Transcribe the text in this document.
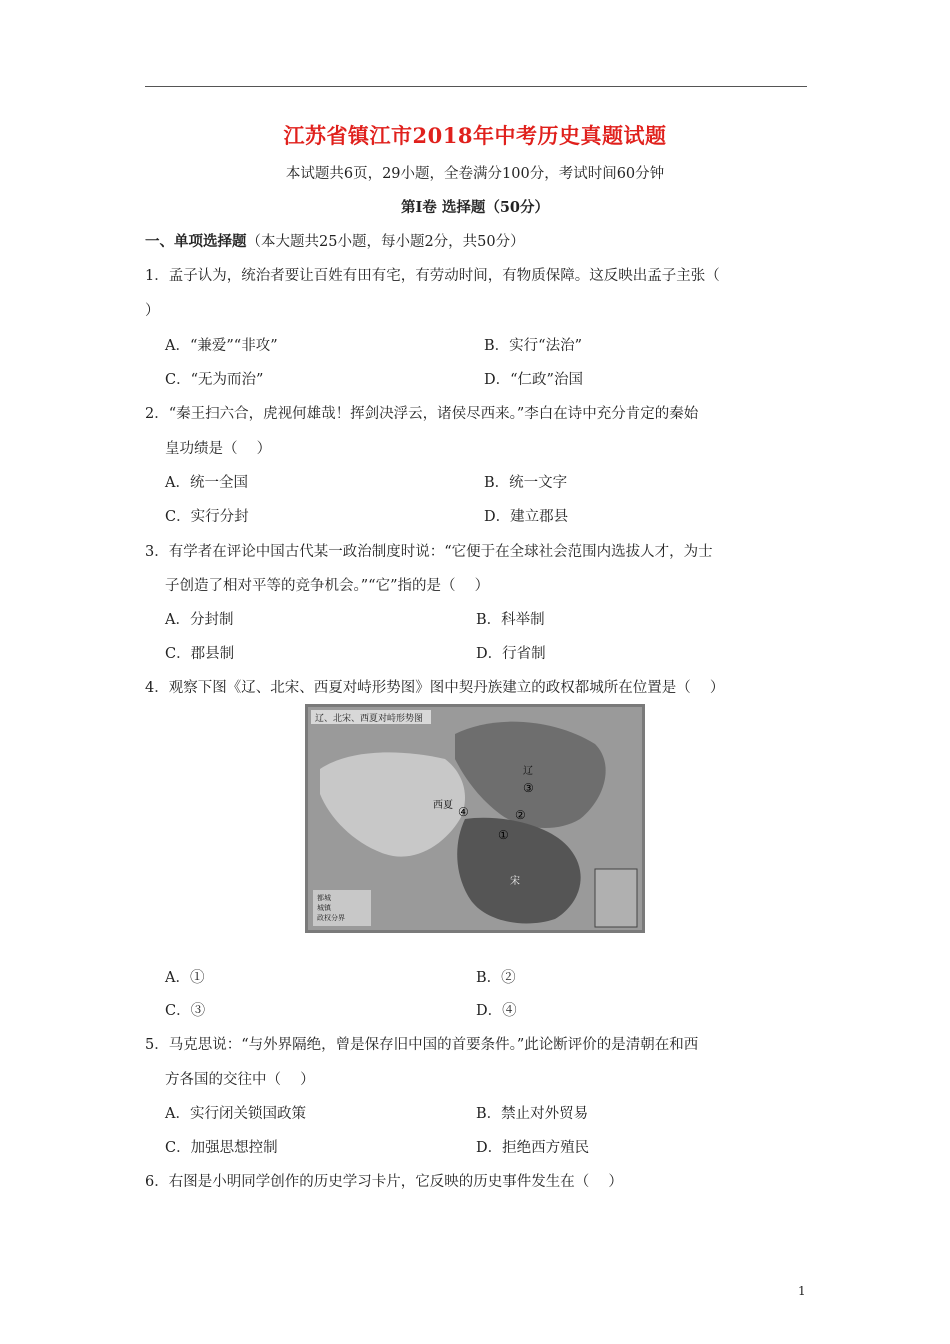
江苏省镇江市2018年中考历史真题试题
本试题共6页，29小题，全卷满分100分，考试时间60分钟
第Ⅰ卷 选择题（50分）
一、单项选择题（本大题共25小题，每小题2分，共50分）
1．孟子认为，统治者要让百姓有田有宅，有劳动时间，有物质保障。这反映出孟子主张（
）
A．“兼爱”“非攻”	B．实行“法治”
C．“无为而治”	D．“仁政”治国
2．“秦王扫六合，虎视何雄哉！挥剑决浮云，诸侯尽西来。”李白在诗中充分肯定的秦始
皇功绩是（　 ）
A．统一全国	B．统一文字
C．实行分封	D．建立郡县
3．有学者在评论中国古代某一政治制度时说：“它便于在全球社会范围内选拔人才，为士
子创造了相对平等的竞争机会。”“它”指的是（　 ）
A．分封制	B．科举制
C．郡县制	D．行省制
4．观察下图《辽、北宋、西夏对峙形势图》图中契丹族建立的政权都城所在位置是（　 ）
辽、北宋、西夏对峙形势图
辽
西夏
宋
①
②
③
④
都城
城镇
政权分界
A．①	B．②
C．③	D．④
5．马克思说：“与外界隔绝，曾是保存旧中国的首要条件。”此论断评价的是清朝在和西
方各国的交往中（　 ）
A．实行闭关锁国政策	B．禁止对外贸易
C．加强思想控制	D．拒绝西方殖民
6．右图是小明同学创作的历史学习卡片，它反映的历史事件发生在（　 ）
1
